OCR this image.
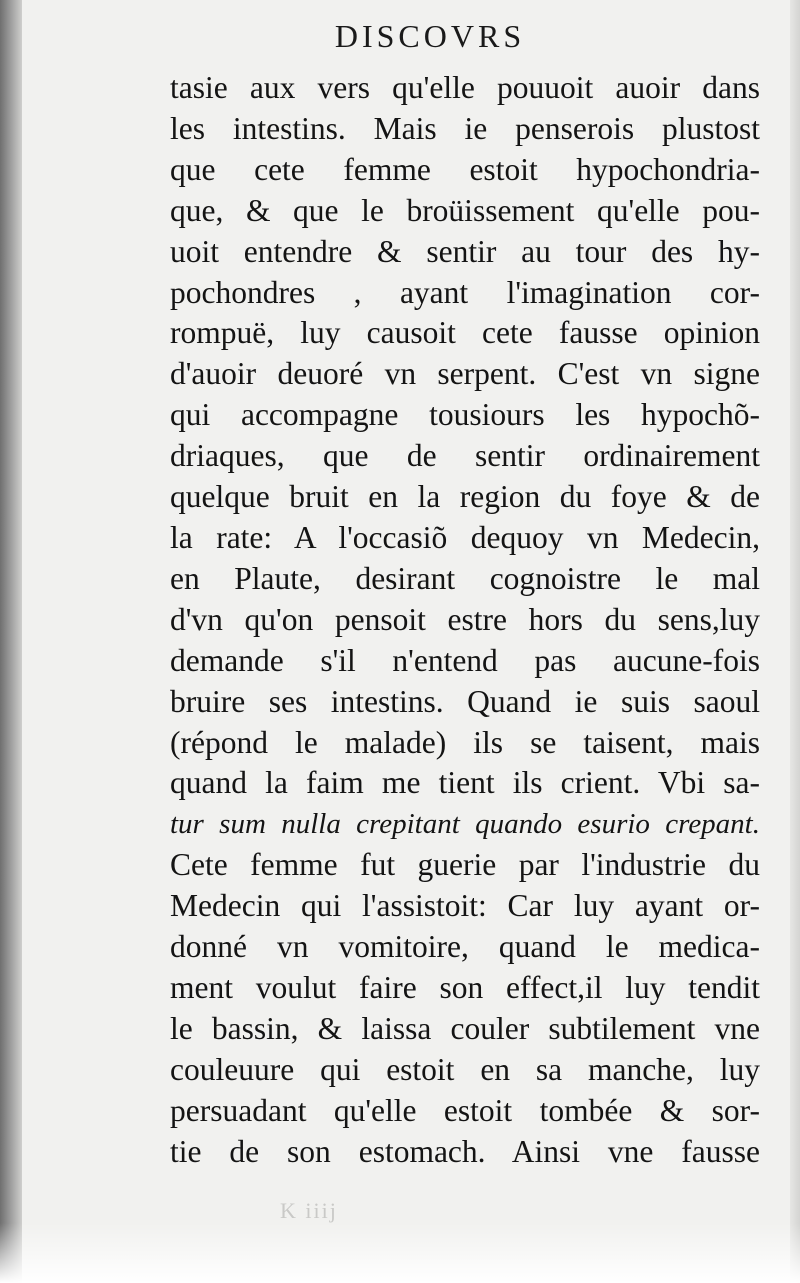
DISCOVRS
tasie aux vers qu'elle pouuoit auoir dans
les intestins. Mais ie penserois plustost
que cete femme estoit hypochondria-
que, & que le broüissement qu'elle pou-
uoit entendre & sentir au tour des hy-
pochondres , ayant l'imagination cor-
rompuë, luy causoit cete fausse opinion
d'auoir deuoré vn serpent. C'est vn signe
qui accompagne tousiours les hypochõ-
driaques, que de sentir ordinairement
quelque bruit en la region du foye & de
la rate: A l'occasiõ dequoy vn Medecin,
en Plaute, desirant cognoistre le mal
d'vn qu'on pensoit estre hors du sens,luy
demande s'il n'entend pas aucune-fois
bruire ses intestins. Quand ie suis saoul
(répond le malade) ils se taisent, mais
quand la faim me tient ils crient. Vbi sa-
tur sum nulla crepitant quando esurio crepant.
Cete femme fut guerie par l'industrie du
Medecin qui l'assistoit: Car luy ayant or-
donné vn vomitoire, quand le medica-
ment voulut faire son effect,il luy tendit
le bassin, & laissa couler subtilement vne
couleuure qui estoit en sa manche, luy
persuadant qu'elle estoit tombée & sor-
tie de son estomach. Ainsi vne fausse
K iiij
